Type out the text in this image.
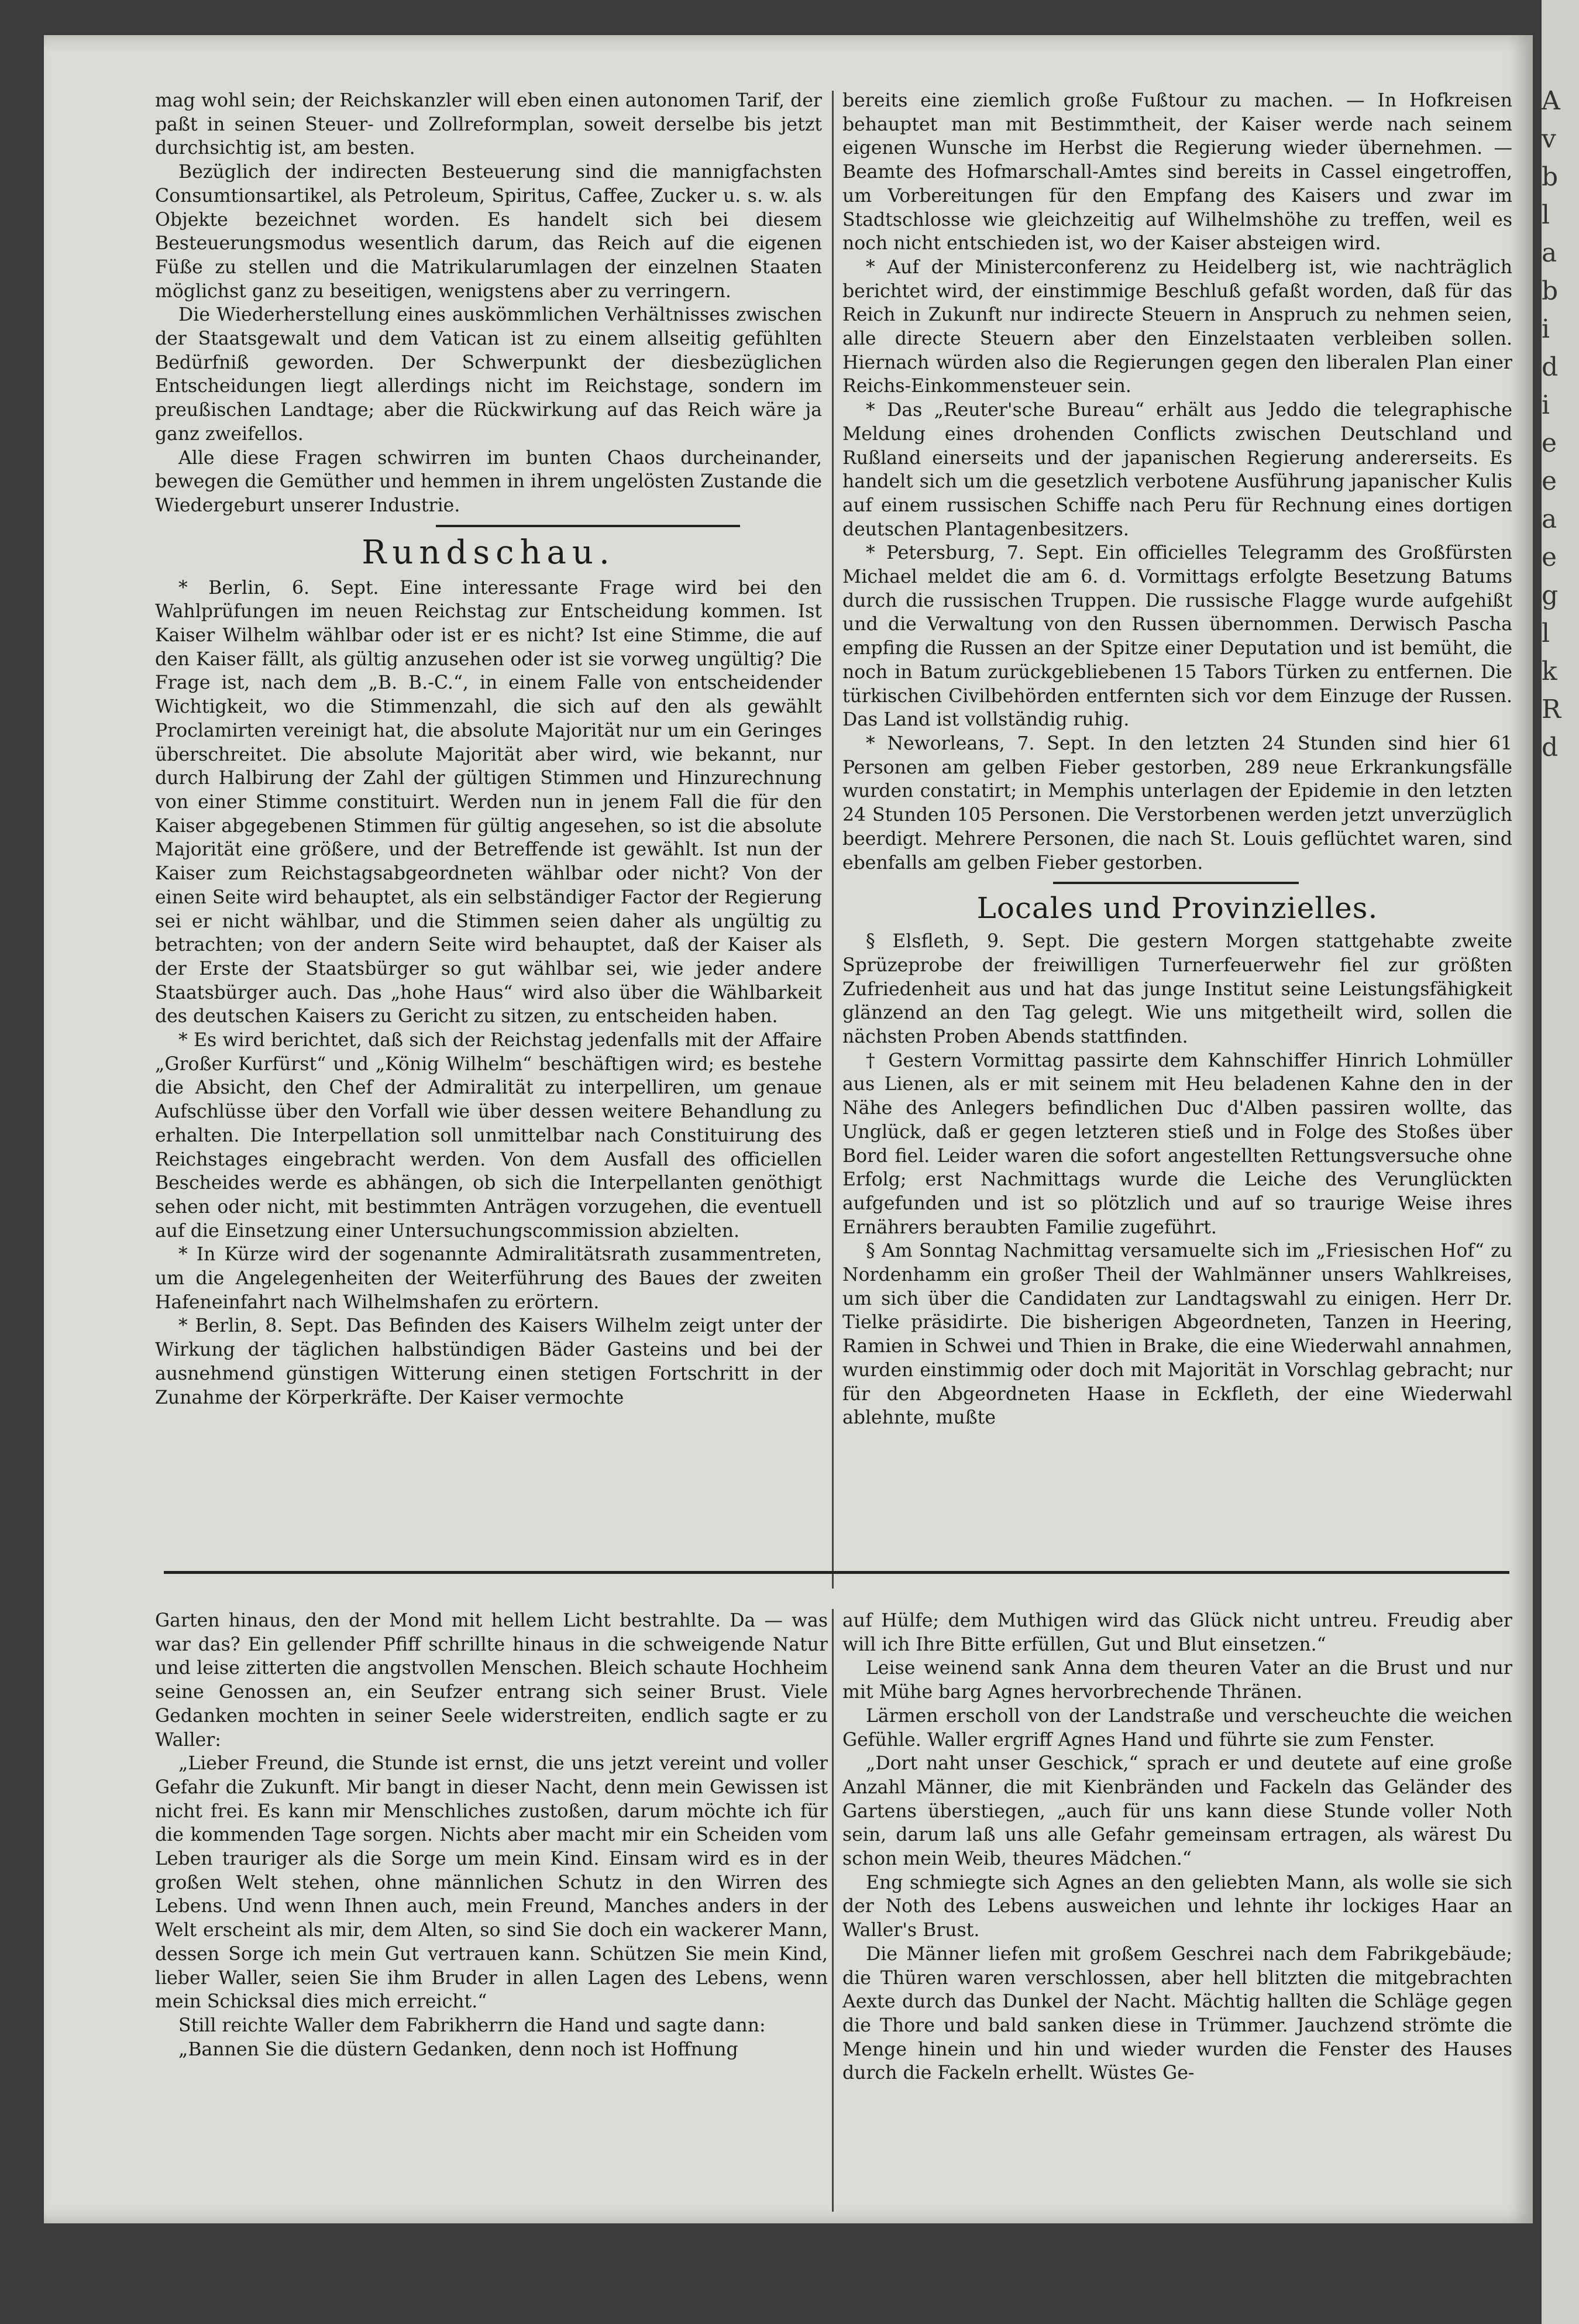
mag wohl sein; der Reichskanzler will eben einen autonomen Tarif, der paßt in seinen Steuer- und Zollreformplan, soweit derselbe bis jetzt durchsichtig ist, am besten.

Bezüglich der indirecten Besteuerung sind die mannigfachsten Consumtionsartikel, als Petroleum, Spiritus, Caffee, Zucker u. s. w. als Objekte bezeichnet worden. Es handelt sich bei diesem Besteuerungsmodus wesentlich darum, das Reich auf die eigenen Füße zu stellen und die Matrikularumlagen der einzelnen Staaten möglichst ganz zu beseitigen, wenigstens aber zu verringern.

Die Wiederherstellung eines auskömmlichen Verhältnisses zwischen der Staatsgewalt und dem Vatican ist zu einem allseitig gefühlten Bedürfniß geworden. Der Schwerpunkt der diesbezüglichen Entscheidungen liegt allerdings nicht im Reichstage, sondern im preußischen Landtage; aber die Rückwirkung auf das Reich wäre ja ganz zweifellos.

Alle diese Fragen schwirren im bunten Chaos durcheinander, bewegen die Gemüther und hemmen in ihrem ungelösten Zustande die Wiedergeburt unserer Industrie.

Rundschau.

* Berlin, 6. Sept. Eine interessante Frage wird bei den Wahlprüfungen im neuen Reichstag zur Entscheidung kommen. Ist Kaiser Wilhelm wählbar oder ist er es nicht? Ist eine Stimme, die auf den Kaiser fällt, als gültig anzusehen oder ist sie vorweg ungültig? Die Frage ist, nach dem „B. B.-C.“, in einem Falle von entscheidender Wichtigkeit, wo die Stimmenzahl, die sich auf den als gewählt Proclamirten vereinigt hat, die absolute Majorität nur um ein Geringes überschreitet. Die absolute Majorität aber wird, wie bekannt, nur durch Halbirung der Zahl der gültigen Stimmen und Hinzurechnung von einer Stimme constituirt. Werden nun in jenem Fall die für den Kaiser abgegebenen Stimmen für gültig angesehen, so ist die absolute Majorität eine größere, und der Betreffende ist gewählt. Ist nun der Kaiser zum Reichstagsabgeordneten wählbar oder nicht? Von der einen Seite wird behauptet, als ein selbständiger Factor der Regierung sei er nicht wählbar, und die Stimmen seien daher als ungültig zu betrachten; von der andern Seite wird behauptet, daß der Kaiser als der Erste der Staatsbürger so gut wählbar sei, wie jeder andere Staatsbürger auch. Das „hohe Haus“ wird also über die Wählbarkeit des deutschen Kaisers zu Gericht zu sitzen, zu entscheiden haben.

* Es wird berichtet, daß sich der Reichstag jedenfalls mit der Affaire „Großer Kurfürst“ und „König Wilhelm“ beschäftigen wird; es bestehe die Absicht, den Chef der Admiralität zu interpelliren, um genaue Aufschlüsse über den Vorfall wie über dessen weitere Behandlung zu erhalten. Die Interpellation soll unmittelbar nach Constituirung des Reichstages eingebracht werden. Von dem Ausfall des officiellen Bescheides werde es abhängen, ob sich die Interpellanten genöthigt sehen oder nicht, mit bestimmten Anträgen vorzugehen, die eventuell auf die Einsetzung einer Untersuchungscommission abzielten.

* In Kürze wird der sogenannte Admiralitätsrath zusammentreten, um die Angelegenheiten der Weiterführung des Baues der zweiten Hafeneinfahrt nach Wilhelmshafen zu erörtern.

* Berlin, 8. Sept. Das Befinden des Kaisers Wilhelm zeigt unter der Wirkung der täglichen halbstündigen Bäder Gasteins und bei der ausnehmend günstigen Witterung einen stetigen Fortschritt in der Zunahme der Körperkräfte. Der Kaiser vermochte

bereits eine ziemlich große Fußtour zu machen. — In Hofkreisen behauptet man mit Bestimmtheit, der Kaiser werde nach seinem eigenen Wunsche im Herbst die Regierung wieder übernehmen. — Beamte des Hofmarschall-Amtes sind bereits in Cassel eingetroffen, um Vorbereitungen für den Empfang des Kaisers und zwar im Stadtschlosse wie gleichzeitig auf Wilhelmshöhe zu treffen, weil es noch nicht entschieden ist, wo der Kaiser absteigen wird.

* Auf der Ministerconferenz zu Heidelberg ist, wie nachträglich berichtet wird, der einstimmige Beschluß gefaßt worden, daß für das Reich in Zukunft nur indirecte Steuern in Anspruch zu nehmen seien, alle directe Steuern aber den Einzelstaaten verbleiben sollen. Hiernach würden also die Regierungen gegen den liberalen Plan einer Reichs-Einkommensteuer sein.

* Das „Reuter'sche Bureau“ erhält aus Jeddo die telegraphische Meldung eines drohenden Conflicts zwischen Deutschland und Rußland einerseits und der japanischen Regierung andererseits. Es handelt sich um die gesetzlich verbotene Ausführung japanischer Kulis auf einem russischen Schiffe nach Peru für Rechnung eines dortigen deutschen Plantagenbesitzers.

* Petersburg, 7. Sept. Ein officielles Telegramm des Großfürsten Michael meldet die am 6. d. Vormittags erfolgte Besetzung Batums durch die russischen Truppen. Die russische Flagge wurde aufgehißt und die Verwaltung von den Russen übernommen. Derwisch Pascha empfing die Russen an der Spitze einer Deputation und ist bemüht, die noch in Batum zurückgebliebenen 15 Tabors Türken zu entfernen. Die türkischen Civilbehörden entfernten sich vor dem Einzuge der Russen. Das Land ist vollständig ruhig.

* Neworleans, 7. Sept. In den letzten 24 Stunden sind hier 61 Personen am gelben Fieber gestorben, 289 neue Erkrankungsfälle wurden constatirt; in Memphis unterlagen der Epidemie in den letzten 24 Stunden 105 Personen. Die Verstorbenen werden jetzt unverzüglich beerdigt. Mehrere Personen, die nach St. Louis geflüchtet waren, sind ebenfalls am gelben Fieber gestorben.

Locales und Provinzielles.

§ Elsfleth, 9. Sept. Die gestern Morgen stattgehabte zweite Sprüzeprobe der freiwilligen Turnerfeuerwehr fiel zur größten Zufriedenheit aus und hat das junge Institut seine Leistungsfähigkeit glänzend an den Tag gelegt. Wie uns mitgetheilt wird, sollen die nächsten Proben Abends stattfinden.

† Gestern Vormittag passirte dem Kahnschiffer Hinrich Lohmüller aus Lienen, als er mit seinem mit Heu beladenen Kahne den in der Nähe des Anlegers befindlichen Duc d'Alben passiren wollte, das Unglück, daß er gegen letzteren stieß und in Folge des Stoßes über Bord fiel. Leider waren die sofort angestellten Rettungsversuche ohne Erfolg; erst Nachmittags wurde die Leiche des Verunglückten aufgefunden und ist so plötzlich und auf so traurige Weise ihres Ernährers beraubten Familie zugeführt.

§ Am Sonntag Nachmittag versamuelte sich im „Friesischen Hof“ zu Nordenhamm ein großer Theil der Wahlmänner unsers Wahlkreises, um sich über die Candidaten zur Landtagswahl zu einigen. Herr Dr. Tielke präsidirte. Die bisherigen Abgeordneten, Tanzen in Heering, Ramien in Schwei und Thien in Brake, die eine Wiederwahl annahmen, wurden einstimmig oder doch mit Majorität in Vorschlag gebracht; nur für den Abgeordneten Haase in Eckfleth, der eine Wiederwahl ablehnte, mußte

Garten hinaus, den der Mond mit hellem Licht bestrahlte. Da — was war das? Ein gellender Pfiff schrillte hinaus in die schweigende Natur und leise zitterten die angstvollen Menschen. Bleich schaute Hochheim seine Genossen an, ein Seufzer entrang sich seiner Brust. Viele Gedanken mochten in seiner Seele widerstreiten, endlich sagte er zu Waller:

„Lieber Freund, die Stunde ist ernst, die uns jetzt vereint und voller Gefahr die Zukunft. Mir bangt in dieser Nacht, denn mein Gewissen ist nicht frei. Es kann mir Menschliches zustoßen, darum möchte ich für die kommenden Tage sorgen. Nichts aber macht mir ein Scheiden vom Leben trauriger als die Sorge um mein Kind. Einsam wird es in der großen Welt stehen, ohne männlichen Schutz in den Wirren des Lebens. Und wenn Ihnen auch, mein Freund, Manches anders in der Welt erscheint als mir, dem Alten, so sind Sie doch ein wackerer Mann, dessen Sorge ich mein Gut vertrauen kann. Schützen Sie mein Kind, lieber Waller, seien Sie ihm Bruder in allen Lagen des Lebens, wenn mein Schicksal dies mich erreicht.“

Still reichte Waller dem Fabrikherrn die Hand und sagte dann:

„Bannen Sie die düstern Gedanken, denn noch ist Hoffnung

auf Hülfe; dem Muthigen wird das Glück nicht untreu. Freudig aber will ich Ihre Bitte erfüllen, Gut und Blut einsetzen.“

Leise weinend sank Anna dem theuren Vater an die Brust und nur mit Mühe barg Agnes hervorbrechende Thränen.

Lärmen erscholl von der Landstraße und verscheuchte die weichen Gefühle. Waller ergriff Agnes Hand und führte sie zum Fenster.

„Dort naht unser Geschick,“ sprach er und deutete auf eine große Anzahl Männer, die mit Kienbränden und Fackeln das Geländer des Gartens überstiegen, „auch für uns kann diese Stunde voller Noth sein, darum laß uns alle Gefahr gemeinsam ertragen, als wärest Du schon mein Weib, theures Mädchen.“

Eng schmiegte sich Agnes an den geliebten Mann, als wolle sie sich der Noth des Lebens ausweichen und lehnte ihr lockiges Haar an Waller's Brust.

Die Männer liefen mit großem Geschrei nach dem Fabrikgebäude; die Thüren waren verschlossen, aber hell blitzten die mitgebrachten Aexte durch das Dunkel der Nacht. Mächtig hallten die Schläge gegen die Thore und bald sanken diese in Trümmer. Jauchzend strömte die Menge hinein und hin und wieder wurden die Fenster des Hauses durch die Fackeln erhellt. Wüstes Ge-

A
v
b
l
a
b
i
d
i
e
e
a
e
g
l
k
R
d
